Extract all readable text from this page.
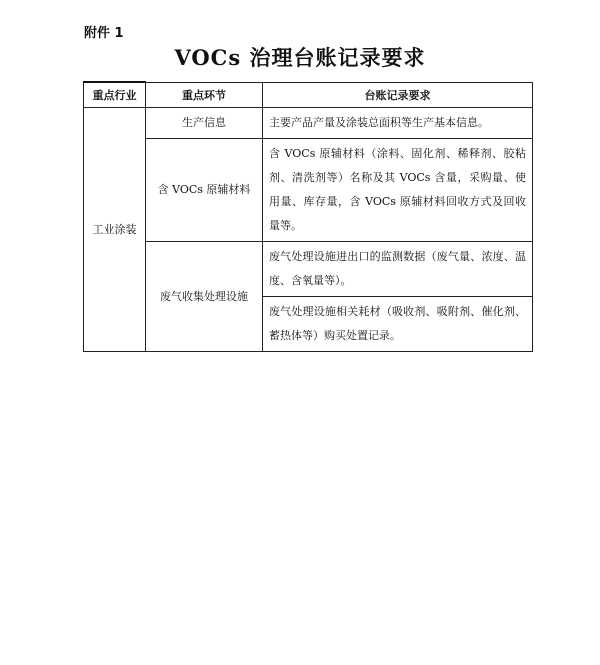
附件 1
VOCs 治理台账记录要求
重点行业	重点环节	台账记录要求
工业涂装	生产信息	主要产品产量及涂装总面积等生产基本信息。
	含 VOCs 原辅材料	含 VOCs 原辅材料（涂料、固化剂、稀释剂、胶粘剂、清洗剂等）名称及其 VOCs 含量，采购量、使用量、库存量，含 VOCs 原辅材料回收方式及回收量等。
	废气收集处理设施	废气处理设施进出口的监测数据（废气量、浓度、温度、含氧量等）。
		废气处理设施相关耗材（吸收剂、吸附剂、催化剂、蓄热体等）购买处置记录。
